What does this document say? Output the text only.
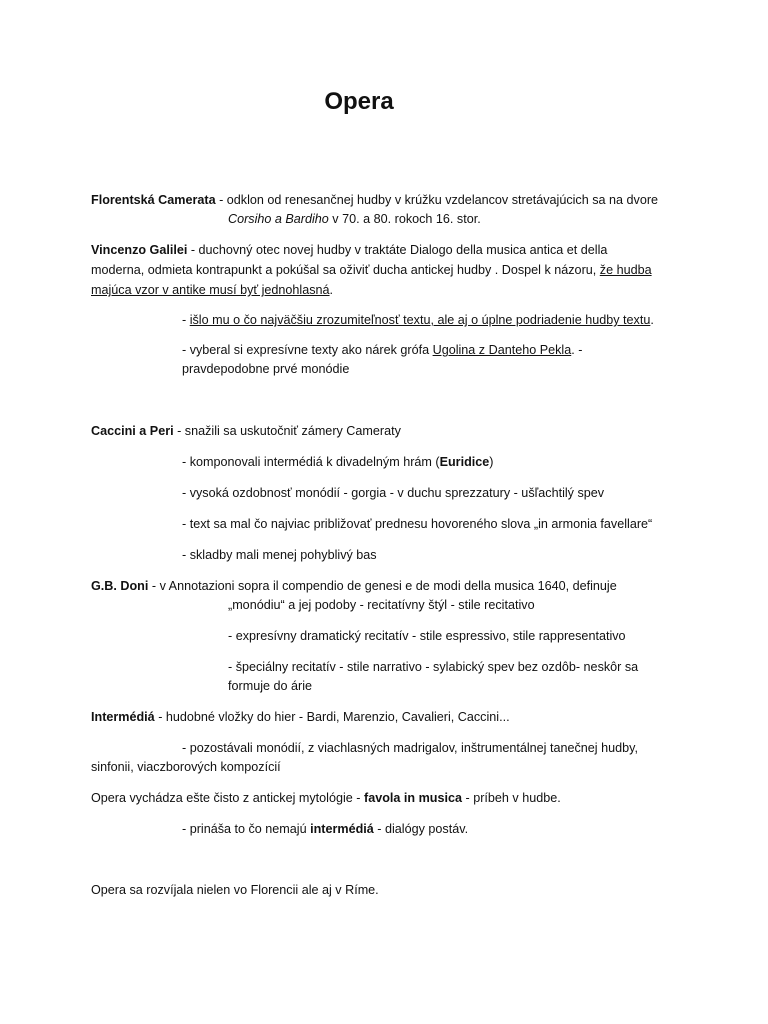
Opera
Florentská Camerata - odklon od renesančnej hudby v krúžku vzdelancov stretávajúcich sa na dvore
Corsiho a Bardiho v 70. a 80. rokoch 16. stor.
Vincenzo Galilei - duchovný otec novej hudby v traktáte Dialogo della musica antica et della
moderna, odmieta kontrapunkt a pokúšal sa oživiť ducha antickej hudby . Dospel k názoru, že hudba
majúca vzor v antike musí byť jednohlasná.
- išlo mu o čo najväčšiu zrozumiteľnosť textu, ale aj o úplne podriadenie hudby textu.
- vyberal si expresívne texty ako nárek grófa Ugolina z Danteho Pekla. -
pravdepodobne prvé monódie
Caccini a Peri - snažili sa uskutočniť zámery Cameraty
- komponovali intermédiá k divadelným hrám (Euridice)
- vysoká ozdobnosť monódií - gorgia - v duchu sprezzatury - ušľachtilý spev
- text sa mal čo najviac približovať prednesu hovoreného slova „in armonia favellare“
- skladby mali menej pohyblivý bas
G.B. Doni - v Annotazioni sopra il compendio de genesi e de modi della musica 1640, definuje
„monódiu“ a jej podoby - recitatívny štýl - stile recitativo
- expresívny dramatický recitatív - stile espressivo, stile rappresentativo
- špeciálny recitatív - stile narrativo - sylabický spev bez ozdôb- neskôr sa
formuje do árie
Intermédiá - hudobné vložky do hier - Bardi, Marenzio, Cavalieri, Caccini...
- pozostávali monódií, z viachlasných madrigalov, inštrumentálnej tanečnej hudby,
sinfonii, viaczborových kompozícií
Opera vychádza ešte čisto z antickej mytológie - favola in musica - príbeh v hudbe.
- prináša to čo nemajú intermédiá - dialógy postáv.
Opera sa rozvíjala nielen vo Florencii ale aj v Ríme.
